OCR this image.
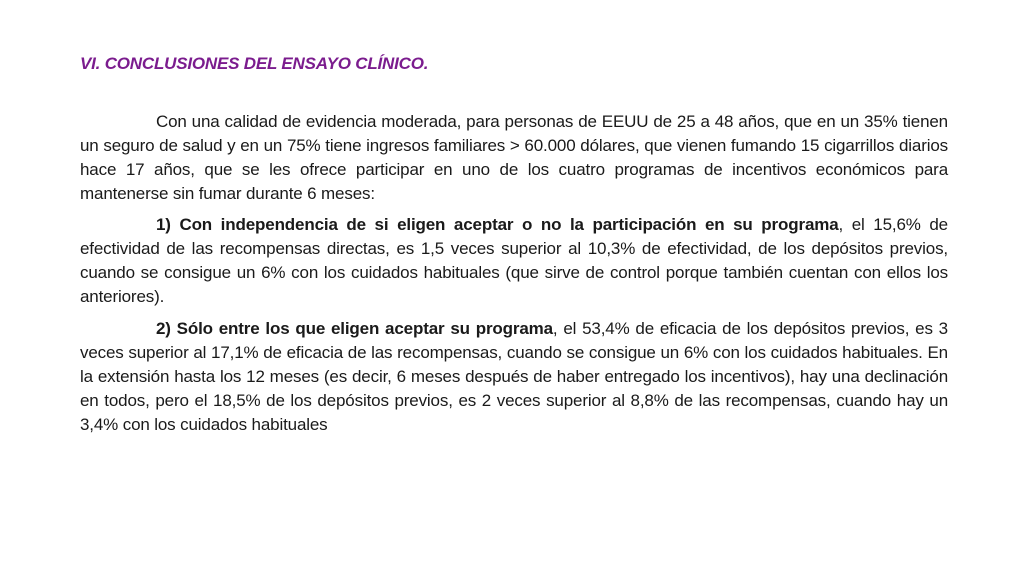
VI. CONCLUSIONES DEL ENSAYO CLÍNICO.

Con una calidad de evidencia moderada, para personas de EEUU de 25 a 48 años, que en un 35% tienen un seguro de salud y en un 75% tiene ingresos familiares > 60.000 dólares, que vienen fumando 15 cigarrillos diarios hace 17 años, que se les ofrece participar en uno de los cuatro programas de incentivos económicos para mantenerse sin fumar durante 6 meses:

1) Con independencia de si eligen aceptar o no la participación en su programa, el 15,6% de efectividad de las recompensas directas, es 1,5 veces superior al 10,3% de efectividad, de los depósitos previos, cuando se consigue un 6% con los cuidados habituales (que sirve de control porque también cuentan con ellos los anteriores).

2) Sólo entre los que eligen aceptar su programa, el 53,4% de eficacia de los depósitos previos, es 3 veces superior al 17,1% de eficacia de las recompensas, cuando se consigue un 6% con los cuidados habituales. En la extensión hasta los 12 meses (es decir, 6 meses después de haber entregado los incentivos), hay una declinación en todos, pero el 18,5% de los depósitos previos, es 2 veces superior al 8,8% de las recompensas, cuando hay un 3,4% con los cuidados habituales
